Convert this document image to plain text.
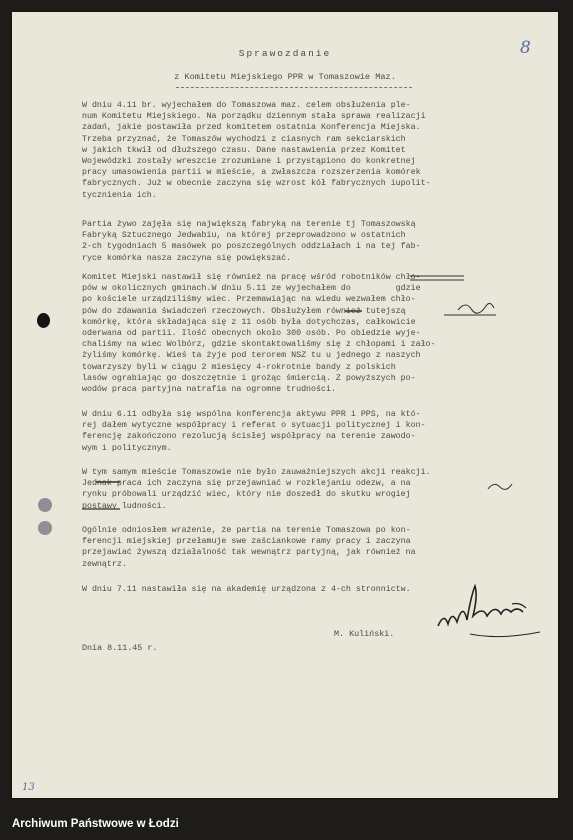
8
Sprawozdanie
z Komitetu Miejskiego PPR w Tomaszowie Maz.
W dniu 4.11 br. wyjechałem do Tomaszowa maz. celem obsłużenia ple-
num Komitetu Miejskiego. Na porządku dziennym stała sprawa realizacji
zadań, jakie postawiła przed komitetem ostatnia Konferencja Miejska.
Trzeba przyznać, że Tomaszów wychodzi z ciasnych ram sekciarskich
w jakich tkwił od dłuższego czasu. Dane nastawienia przez Komitet
Wojewódzki zostały wreszcie zrozumiane i przystąpiono do konkretnej
pracy umasowienia partii w mieście, a zwłaszcza rozszerzenia komórek
fabrycznych. Już w obecnie zaczyna się wzrost kół fabrycznych iupolit-
tycznienia ich.
Partia żywo zajęła się największą fabryką na terenie tj Tomaszowską
Fabryką Sztucznego Jedwabiu, na której przeprowadzono w ostatnich
2-ch tygodniach 5 masówek po poszczególnych oddziałach i na tej fab-
ryce komórka nasza zaczyna się powiększać.
Komitet Miejski nastawił się również na pracę wśród robotników chło-
pów w okolicznych gminach.W dniu 5.11 ze wyjechałem do         gdzie
po kościele urządziliśmy wiec. Przemawiając na wiedu wezwałem chło-
pów do zdawania świadczeń rzeczowych. Obsłużyłem również tutejszą
komórkę, która składająca się z 11 osób była dotychczas, całkowicie
oderwana od partii. Ilość obecnych około 300 osób. Po obiedzie wyje-
chaliśmy na wiec Wolbórz, gdzie skontaktowaliśmy się z chłopami i zało-
żyliśmy komórkę. Wieś ta żyje pod terorem NSZ tu u jednego z naszych
towarzyszy byli w ciągu 2 miesięcy 4-rokrotnie bandy z polskich
lasów ograbiając go doszczętnie i grożąc śmiercią. Z powyższych po-
wodów praca partyjna natrafia na ogromne trudności.
W dniu 6.11 odbyła się wspólna konferencja aktywu PPR i PPS, na któ-
rej dałem wytyczne współpracy i referat o sytuacji politycznej i kon-
ferencję zakończono rezolucją ścisłej współpracy na terenie zawodo-
wym i politycznym.
W tym samym mieście Tomaszowie nie było zauważniejszych akcji reakcji.
Jednak praca ich zaczyna się przejawniać w rozklejaniu odezw, a na
rynku próbowali urządzić wiec, który nie doszedł do skutku wrogiej
postawy ludności.
Ogólnie odniosłem wrażenie, że partia na terenie Tomaszowa po kon-
ferencji miejskiej przełamuje swe zaściankowe ramy pracy i zaczyna
przejawiać żywszą działalność tak wewnątrz partyjną, jak również na
zewnątrz.
W dniu 7.11 nastawiła się na akademię urządzona z 4-ch stronnictw.
M. Kuliński.
Dnia 8.11.45 r.
13
Archiwum Państwowe w Łodzi
